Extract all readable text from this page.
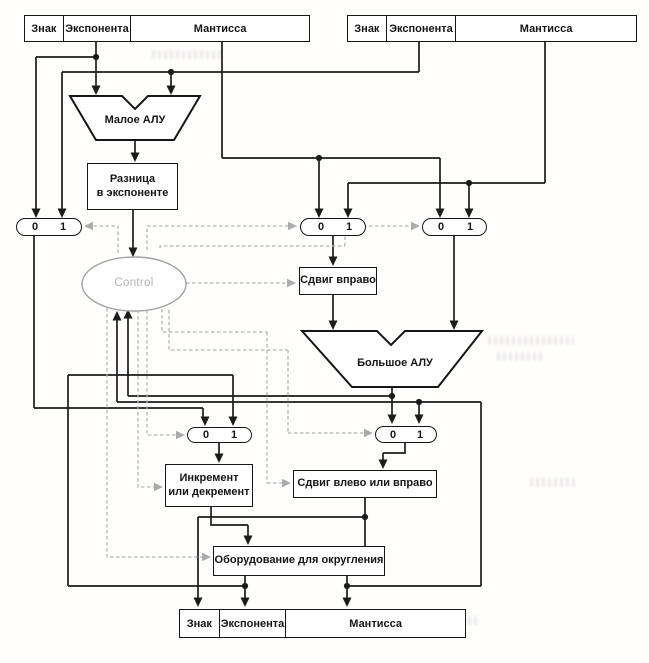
Знак Экспонента	Мантисса	Знак Экспонента	Мантисса
Знак Экспонента	Мантисса
Малое АЛУ
Большое АЛУ
Разница
в экспоненте
Сдвиг вправо
Инкремент
или декремент
Сдвиг влево или вправо
Оборудование для округления
Control
0 1	0 1	0 1
0 1	0 1
